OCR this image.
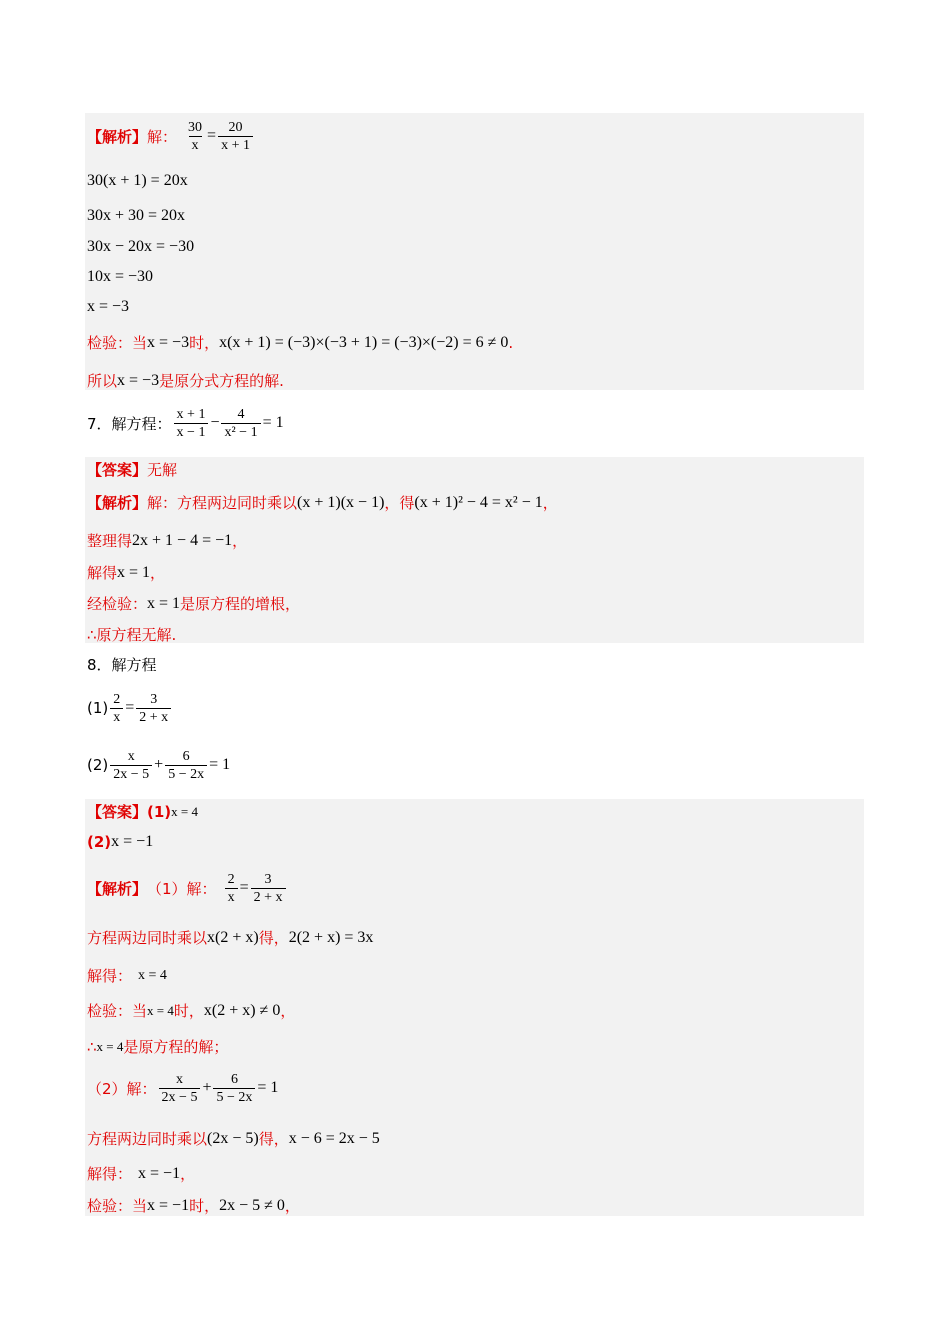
【解析】 解： $\frac{30}{x} = \frac{20}{x + 1}$
30(x + 1) = 20x
30x + 30 = 20x
30x − 20x = −30
10x = −30
x = −3
检验：当 x = −3 时， x(x + 1) = (−3)×(−3 + 1) = (−3)×(−2) = 6 ≠ 0 .
所以 x = −3 是原分式方程的解.
7．解方程： $\frac{x + 1}{x - 1} - \frac{4}{\text{x² − 1}} = 1$
【答案】 无解
【解析】 解：方程两边同时乘以 (x + 1)(x − 1) ，得 (x + 1)² − 4 = x² − 1 ，
整理得 2x + 1 − 4 = −1 ，
解得 x = 1 ，
经检验： x = 1 是原方程的增根，
∴原方程无解.
8．解方程
$(1) \frac{2}{x} = \frac{3}{2 + x}$
$(2) \frac{x}{2x - 5} + \frac{6}{5 - 2x} = 1$
【答案】 (1) x = 4
(2) x = −1
【解析】 （1）解： $\frac{2}{x} = \frac{3}{2 + x}$
方程两边同时乘以 x(2 + x) 得， 2(2 + x) = 3x
解得： x = 4
检验：当 x = 4 时， x(2 + x) ≠ 0 ，
∴ x = 4 是原方程的解；
（2）解： $\frac{x}{2x - 5} + \frac{6}{5 - 2x} = 1$
方程两边同时乘以 (2x − 5) 得， x − 6 = 2x − 5
解得： x = −1 ，
检验：当 x = −1 时， 2x − 5 ≠ 0 ，
